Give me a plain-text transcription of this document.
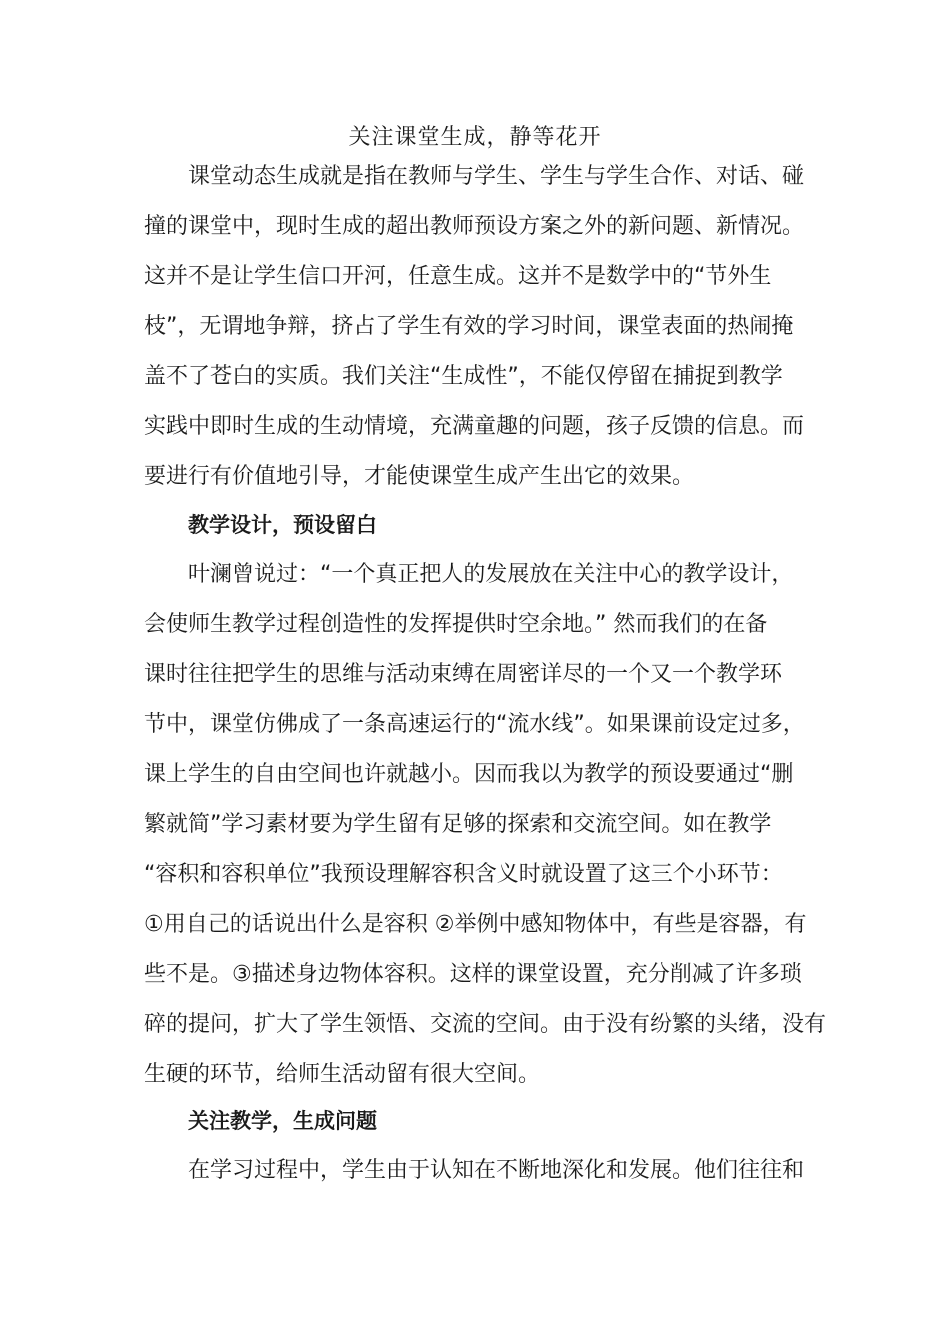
关注课堂生成，静等花开
课堂动态生成就是指在教师与学生、学生与学生合作、对话、碰
撞的课堂中，现时生成的超出教师预设方案之外的新问题、新情况。
这并不是让学生信口开河，任意生成。这并不是数学中的“节外生
枝”，无谓地争辩，挤占了学生有效的学习时间，课堂表面的热闹掩
盖不了苍白的实质。我们关注“生成性”，不能仅停留在捕捉到教学
实践中即时生成的生动情境，充满童趣的问题，孩子反馈的信息。而
要进行有价值地引导，才能使课堂生成产生出它的效果。
教学设计，预设留白
叶澜曾说过：“一个真正把人的发展放在关注中心的教学设计，
会使师生教学过程创造性的发挥提供时空余地。” 然而我们的在备
课时往往把学生的思维与活动束缚在周密详尽的一个又一个教学环
节中，课堂仿佛成了一条高速运行的“流水线”。如果课前设定过多，
课上学生的自由空间也许就越小。因而我以为教学的预设要通过“删
繁就简”学习素材要为学生留有足够的探索和交流空间。如在教学
“容积和容积单位”我预设理解容积含义时就设置了这三个小环节：
①用自己的话说出什么是容积 ②举例中感知物体中，有些是容器，有
些不是。③描述身边物体容积。这样的课堂设置，充分削减了许多琐
碎的提问，扩大了学生领悟、交流的空间。由于没有纷繁的头绪，没有
生硬的环节，给师生活动留有很大空间。
关注教学，生成问题
在学习过程中，学生由于认知在不断地深化和发展。他们往往和
